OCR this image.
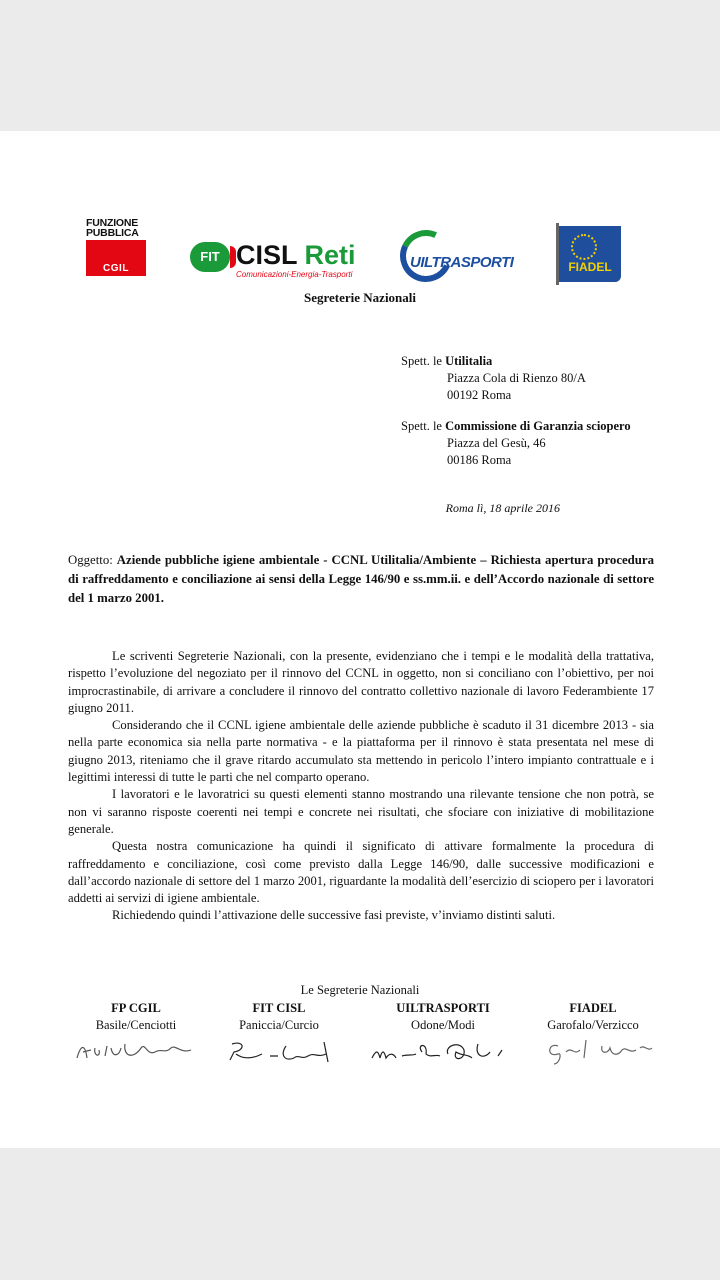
FUNZIONE
PUBBLICA
CGIL
FIT CISL Reti
Comunicazioni-Energia-Trasporti
UILTRASPORTI	FIADEL
Segreterie Nazionali
Spett. le Utilitalia
Piazza Cola di Rienzo 80/A
00192 Roma
Spett. le Commissione di Garanzia sciopero
Piazza del Gesù, 46
00186 Roma
Roma lì, 18 aprile 2016
Oggetto: Aziende pubbliche igiene ambientale - CCNL Utilitalia/Ambiente – Richiesta apertura procedura di raffreddamento e conciliazione ai sensi della Legge 146/90 e ss.mm.ii. e dell’Accordo nazionale di settore del 1 marzo 2001.

Le scriventi Segreterie Nazionali, con la presente, evidenziano che i tempi e le modalità della trattativa, rispetto l’evoluzione del negoziato per il rinnovo del CCNL in oggetto, non si conciliano con l’obiettivo, per noi improcrastinabile, di arrivare a concludere il rinnovo del contratto collettivo nazionale di lavoro Federambiente 17 giugno 2011.

Considerando che il CCNL igiene ambientale delle aziende pubbliche è scaduto il 31 dicembre 2013 - sia nella parte economica sia nella parte normativa - e la piattaforma per il rinnovo è stata presentata nel mese di giugno 2013, riteniamo che il grave ritardo accumulato sta mettendo in pericolo l’intero impianto contrattuale e i legittimi interessi di tutte le parti che nel comparto operano.

I lavoratori e le lavoratrici su questi elementi stanno mostrando una rilevante tensione che non potrà, se non vi saranno risposte coerenti nei tempi e concrete nei risultati, che sfociare con iniziative di mobilitazione generale.

Questa nostra comunicazione ha quindi il significato di attivare formalmente la procedura di raffreddamento e conciliazione, così come previsto dalla Legge 146/90, dalle successive modificazioni e dall’accordo nazionale di settore del 1 marzo 2001, riguardante la modalità dell’esercizio di sciopero per i lavoratori addetti ai servizi di igiene ambientale.

Richiedendo quindi l’attivazione delle successive fasi previste, v’inviamo distinti saluti.

Le Segreterie Nazionali
FP CGIL
Basile/Cenciotti
FIT CISL
Paniccia/Curcio
UILTRASPORTI
Odone/Modi
FIADEL
Garofalo/Verzicco
